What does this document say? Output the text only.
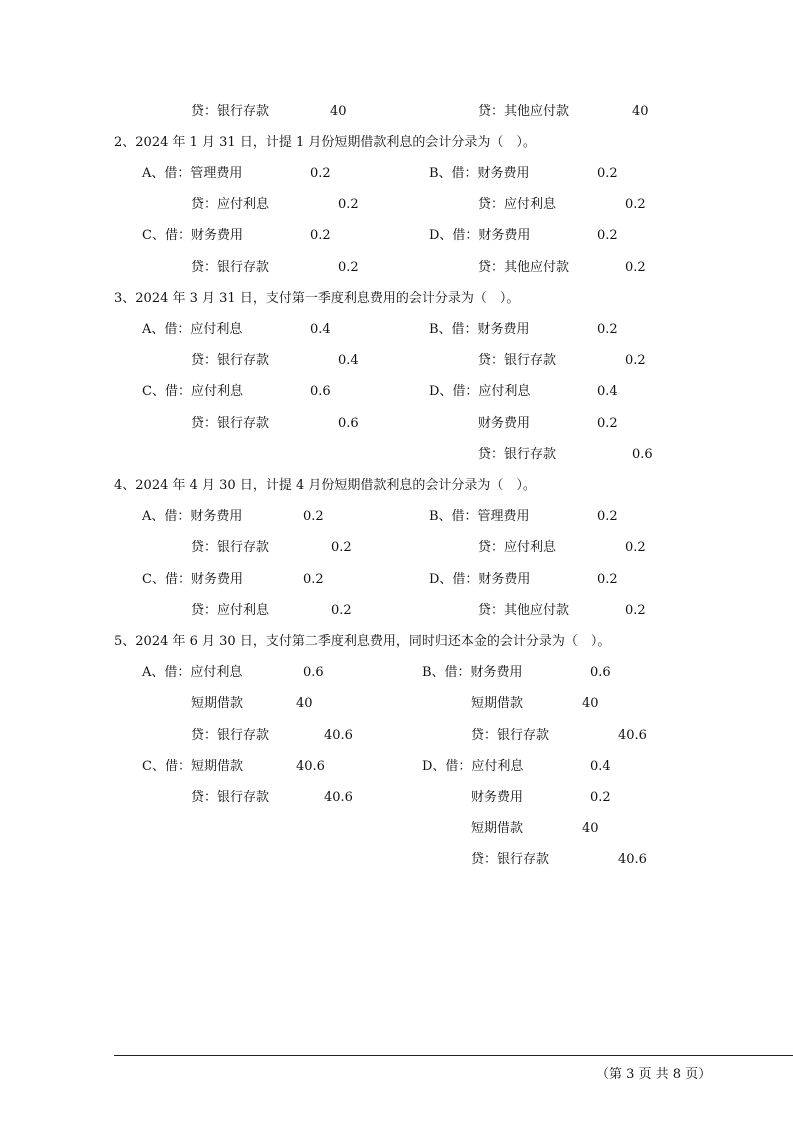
贷：银行存款	40	贷：其他应付款	40
2、2024 年 1 月 31 日，计提 1 月份短期借款利息的会计分录为（　）。
A、借：管理费用	0.2	B、借：财务费用	0.2
贷：应付利息	0.2	贷：应付利息	0.2
C、借：财务费用	0.2	D、借：财务费用	0.2
贷：银行存款	0.2	贷：其他应付款	0.2
3、2024 年 3 月 31 日，支付第一季度利息费用的会计分录为（　）。
A、借：应付利息	0.4	B、借：财务费用	0.2
贷：银行存款	0.4	贷：银行存款	0.2
C、借：应付利息	0.6	D、借：应付利息	0.4
贷：银行存款	0.6	财务费用	0.2
贷：银行存款	0.6
4、2024 年 4 月 30 日，计提 4 月份短期借款利息的会计分录为（　）。
A、借：财务费用	0.2	B、借：管理费用	0.2
贷：银行存款	0.2	贷：应付利息	0.2
C、借：财务费用	0.2	D、借：财务费用	0.2
贷：应付利息	0.2	贷：其他应付款	0.2
5、2024 年 6 月 30 日，支付第二季度利息费用，同时归还本金的会计分录为（　）。
A、借：应付利息	0.6	B、借：财务费用	0.6
短期借款	40	短期借款	40
贷：银行存款	40.6	贷：银行存款	40.6
C、借：短期借款	40.6	D、借：应付利息	0.4
贷：银行存款	40.6	财务费用	0.2
短期借款	40
贷：银行存款	40.6
（第 3 页 共 8 页）
